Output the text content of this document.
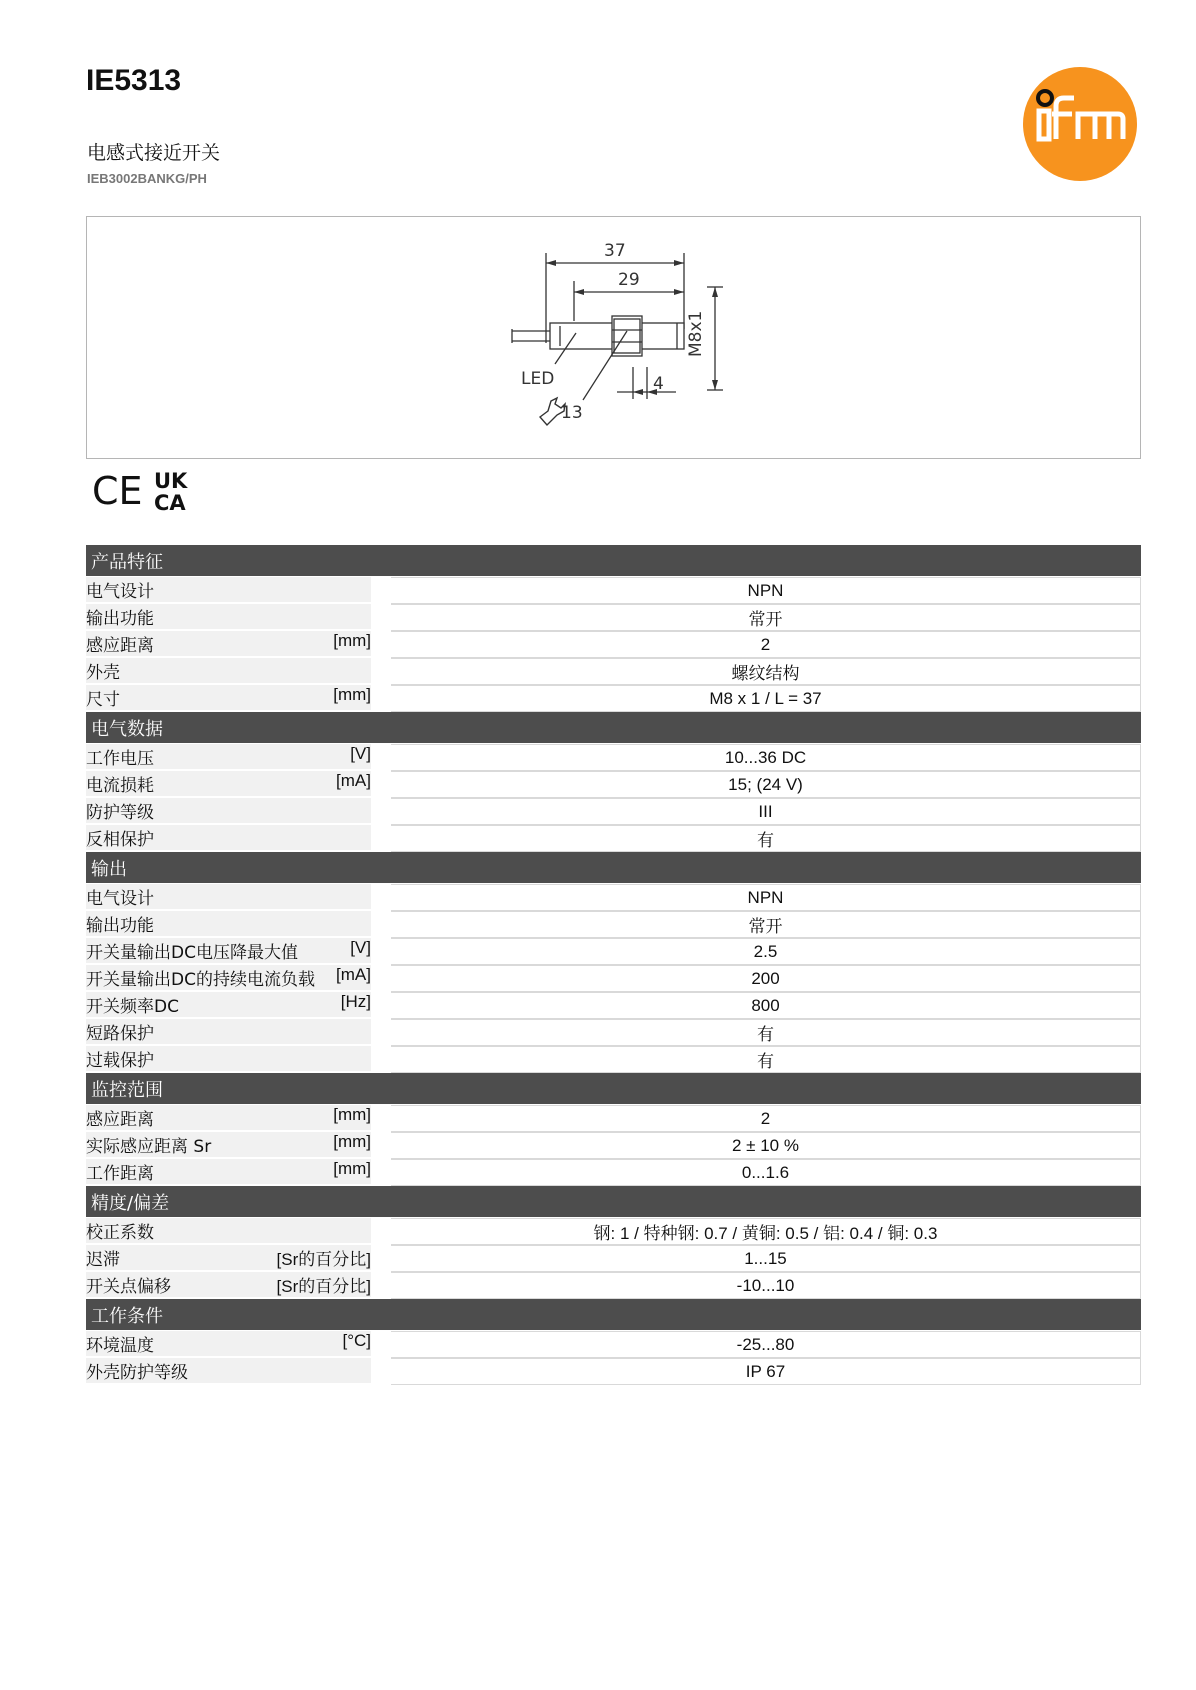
IE5313
电感式接近开关
IEB3002BANKG/PH
37
29
4
M8x1
LED
13
CE UK
CA
产品特征		

电气设计		NPN

输出功能		常开

感应距离 [mm]		2

外壳		螺纹结构

尺寸 [mm]		M8 x 1 / L = 37
电气数据		

工作电压 [V]		10...36 DC

电流损耗 [mA]		15; (24 V)

防护等级		III

反相保护		有
输出		

电气设计		NPN

输出功能		常开

开关量输出DC电压降最大值 [V]		2.5

开关量输出DC的持续电流负载 [mA]		200

开关频率DC [Hz]		800

短路保护		有

过载保护		有
监控范围		

感应距离 [mm]		2

实际感应距离 Sr [mm]		2 ± 10 %

工作距离 [mm]		0...1.6
精度/偏差		

校正系数		钢: 1 / 特种钢: 0.7 / 黄铜: 0.5 / 铝: 0.4 / 铜: 0.3

迟滞 [Sr的百分比]		1...15

开关点偏移 [Sr的百分比]		-10...10
工作条件		

环境温度 [°C]		-25...80

外壳防护等级		IP 67
